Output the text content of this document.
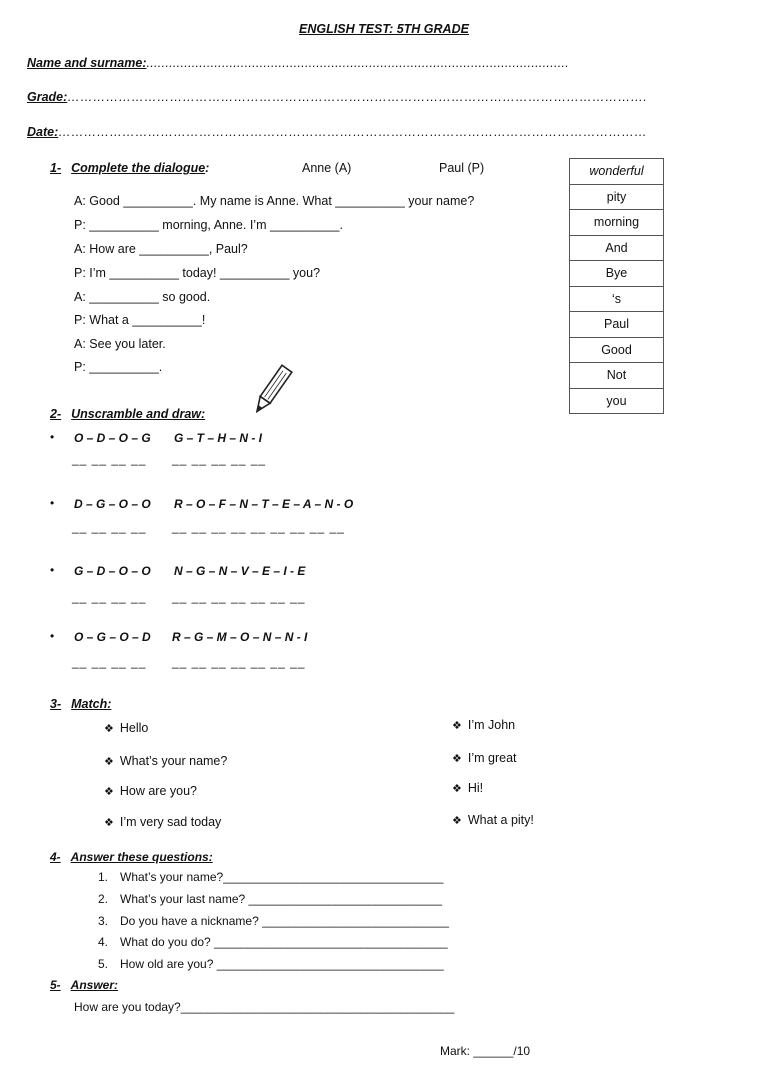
ENGLISH TEST: 5TH GRADE
Name and surname:................................................................................................................
Grade:……………………………………………………………………………………………………………………….
Date:…………………………………………………………………………………………………………………………
1- Complete the dialogue:	Anne (A)	Paul (P)
A: Good __________. My name is Anne. What __________ your name?
P: __________ morning, Anne. I’m __________.
A: How are __________, Paul?
P: I’m __________ today! __________ you?
A: __________ so good.
P: What a __________!
A: See you later.
P: __________.
wonderful
pity
morning
And
Bye
‘s
Paul
Good
Not
you
2- Unscramble and draw:
• O – D – O – G G – T – H – N - I
__ __ __ __ __ __ __ __ __
• D – G – O – O R – O – F – N – T – E – A – N - O
__ __ __ __ __ __ __ __ __ __ __ __ __
• G – D – O – O N – G – N – V – E – I - E
__ __ __ __ __ __ __ __ __ __ __
• O – G – O – D R – G – M – O – N – N - I
__ __ __ __ __ __ __ __ __ __ __
3- Match:
❖ Hello
❖ What’s your name?
❖ How are you?
❖ I’m very sad today
❖ I’m John
❖ I’m great
❖ Hi!
❖ What a pity!
4- Answer these questions:
1. What’s your name?_________________________________
2. What’s your last name? _____________________________
3. Do you have a nickname? ____________________________
4. What do you do? ___________________________________
5. How old are you? __________________________________
5- Answer:
How are you today?_________________________________________
Mark: ______/10
